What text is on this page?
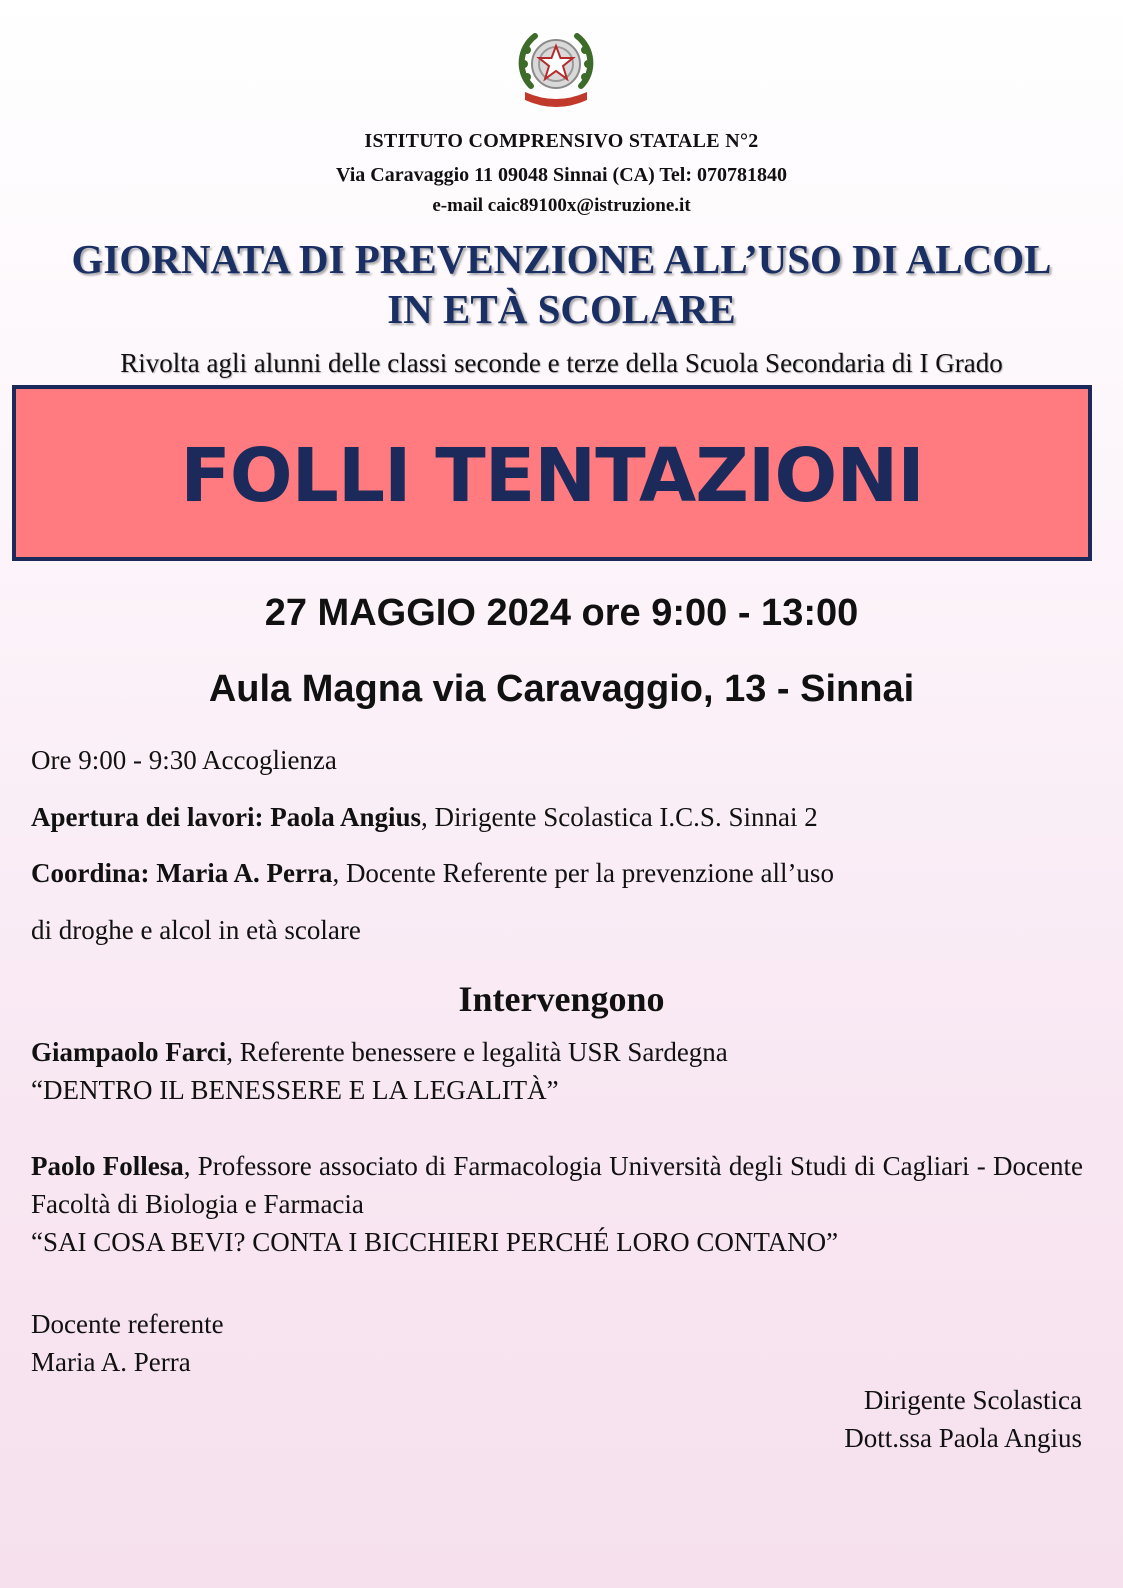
ISTITUTO COMPRENSIVO STATALE N°2
Via Caravaggio 11 09048 Sinnai (CA) Tel: 070781840
e-mail caic89100x@istruzione.it
GIORNATA DI PREVENZIONE ALL’USO DI ALCOL
IN ETÀ SCOLARE
Rivolta agli alunni delle classi seconde e terze della Scuola Secondaria di I Grado
FOLLI TENTAZIONI
27 MAGGIO 2024 ore 9:00 - 13:00
Aula Magna via Caravaggio, 13 - Sinnai
Ore 9:00 - 9:30 Accoglienza
Apertura dei lavori: Paola Angius, Dirigente Scolastica I.C.S. Sinnai 2
Coordina: Maria A. Perra, Docente Referente per la prevenzione all’uso
di droghe e alcol in età scolare
Intervengono
Giampaolo Farci, Referente benessere e legalità USR Sardegna
“DENTRO IL BENESSERE E LA LEGALITÀ”
Paolo Follesa, Professore associato di Farmacologia Università degli Studi di Cagliari - Docente Facoltà di Biologia e Farmacia
“SAI COSA BEVI? CONTA I BICCHIERI PERCHÉ LORO CONTANO”
Docente referente
Maria A. Perra
Dirigente Scolastica
Dott.ssa Paola Angius
